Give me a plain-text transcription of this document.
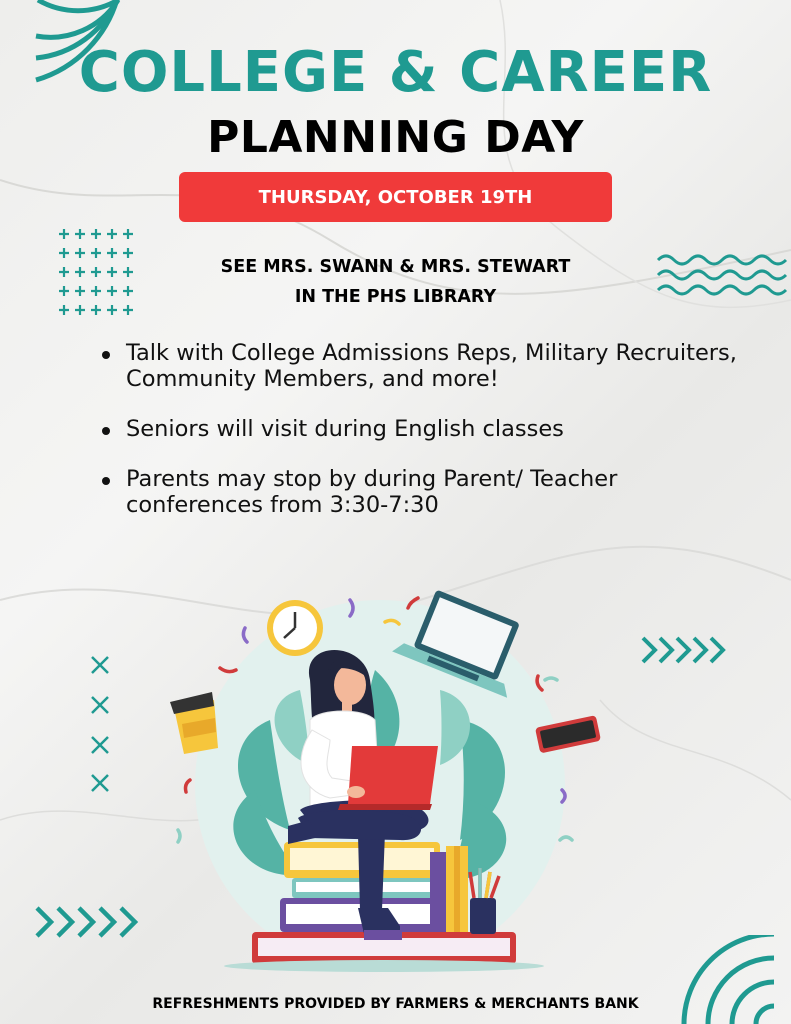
COLLEGE & CAREER
PLANNING DAY
THURSDAY, OCTOBER 19TH
SEE MRS. SWANN & MRS. STEWART
IN THE PHS LIBRARY
Talk with College Admissions Reps, Military Recruiters, Community Members, and more!
Seniors will visit during English classes
Parents may stop by during Parent/ Teacher conferences from 3:30-7:30
REFRESHMENTS PROVIDED BY FARMERS & MERCHANTS BANK
